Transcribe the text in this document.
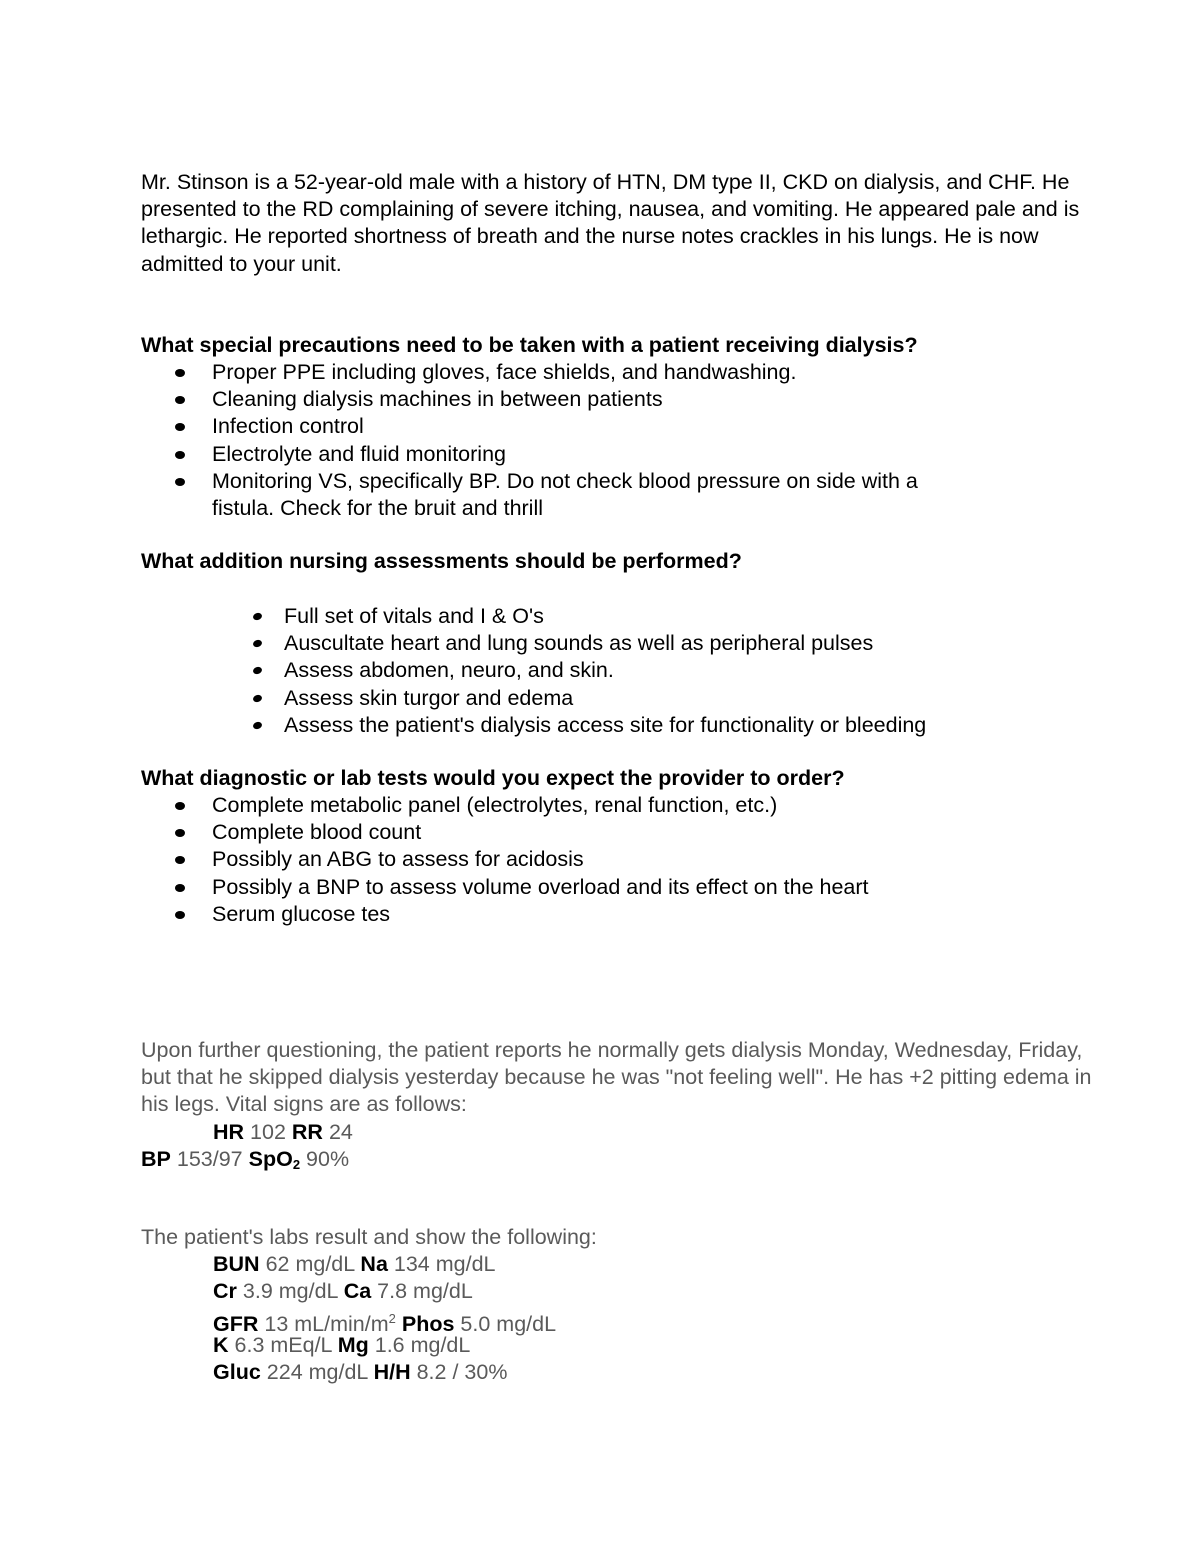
Mr. Stinson is a 52-year-old male with a history of HTN, DM type II, CKD on dialysis, and CHF. He presented to the RD complaining of severe itching, nausea, and vomiting. He appeared pale and is lethargic. He reported shortness of breath and the nurse notes crackles in his lungs. He is now admitted to your unit.

What special precautions need to be taken with a patient receiving dialysis?

Proper PPE including gloves, face shields, and handwashing.
Cleaning dialysis machines in between patients
Infection control
Electrolyte and fluid monitoring
Monitoring VS, specifically BP. Do not check blood pressure on side with a fistula. Check for the bruit and thrill

What addition nursing assessments should be performed?

Full set of vitals and I & O's
Auscultate heart and lung sounds as well as peripheral pulses
Assess abdomen, neuro, and skin.
Assess skin turgor and edema
Assess the patient's dialysis access site for functionality or bleeding

What diagnostic or lab tests would you expect the provider to order?

Complete metabolic panel (electrolytes, renal function, etc.)
Complete blood count
Possibly an ABG to assess for acidosis
Possibly a BNP to assess volume overload and its effect on the heart
Serum glucose tes

Upon further questioning, the patient reports he normally gets dialysis Monday, Wednesday, Friday, but that he skipped dialysis yesterday because he was "not feeling well". He has +2 pitting edema in his legs. Vital signs are as follows:

HR 102 RR 24
BP 153/97 SpO$_2$ 90%
The patient's labs result and show the following:
BUN 62 mg/dL Na 134 mg/dL
Cr 3.9 mg/dL Ca 7.8 mg/dL
GFR 13 $mL/\min/m^2$ Phos 5.0 mg/dL
K 6.3 mEq/L Mg 1.6 mg/dL
Gluc 224 mg/dL H/H 8.2 / 30%
